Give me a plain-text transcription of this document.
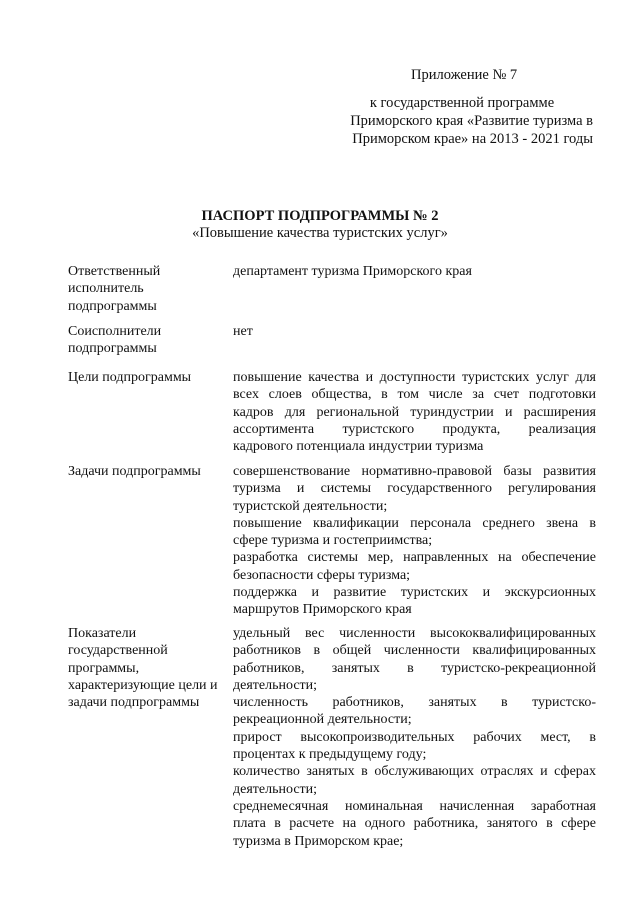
Приложение № 7
к государственной программе
Приморского края «Развитие туризма в
Приморском крае» на 2013 - 2021 годы
ПАСПОРТ ПОДПРОГРАММЫ № 2
«Повышение качества туристских услуг»
Ответственный
исполнитель
подпрограммы
департамент туризма Приморского края
Соисполнители
подпрограммы
нет
Цели подпрограммы	повышение качества и доступности туристских услуг для
всех слоев общества, в том числе за счет подготовки
кадров для региональной туриндустрии и расширения
ассортимента туристского продукта, реализация
кадрового потенциала индустрии туризма
Задачи подпрограммы	совершенствование нормативно-правовой базы развития
туризма и системы государственного регулирования
туристской деятельности;
повышение квалификации персонала среднего звена в
сфере туризма и гостеприимства;
разработка системы мер, направленных на обеспечение
безопасности сферы туризма;
поддержка и развитие туристских и экскурсионных
маршрутов Приморского края
Показатели
государственной
программы,
характеризующие цели и
задачи подпрограммы
удельный вес численности высококвалифицированных
работников в общей численности квалифицированных
работников, занятых в туристско-рекреационной
деятельности;
численность работников, занятых в туристско-
рекреационной деятельности;
прирост высокопроизводительных рабочих мест, в
процентах к предыдущему году;
количество занятых в обслуживающих отраслях и сферах
деятельности;
среднемесячная номинальная начисленная заработная
плата в расчете на одного работника, занятого в сфере
туризма в Приморском крае;
